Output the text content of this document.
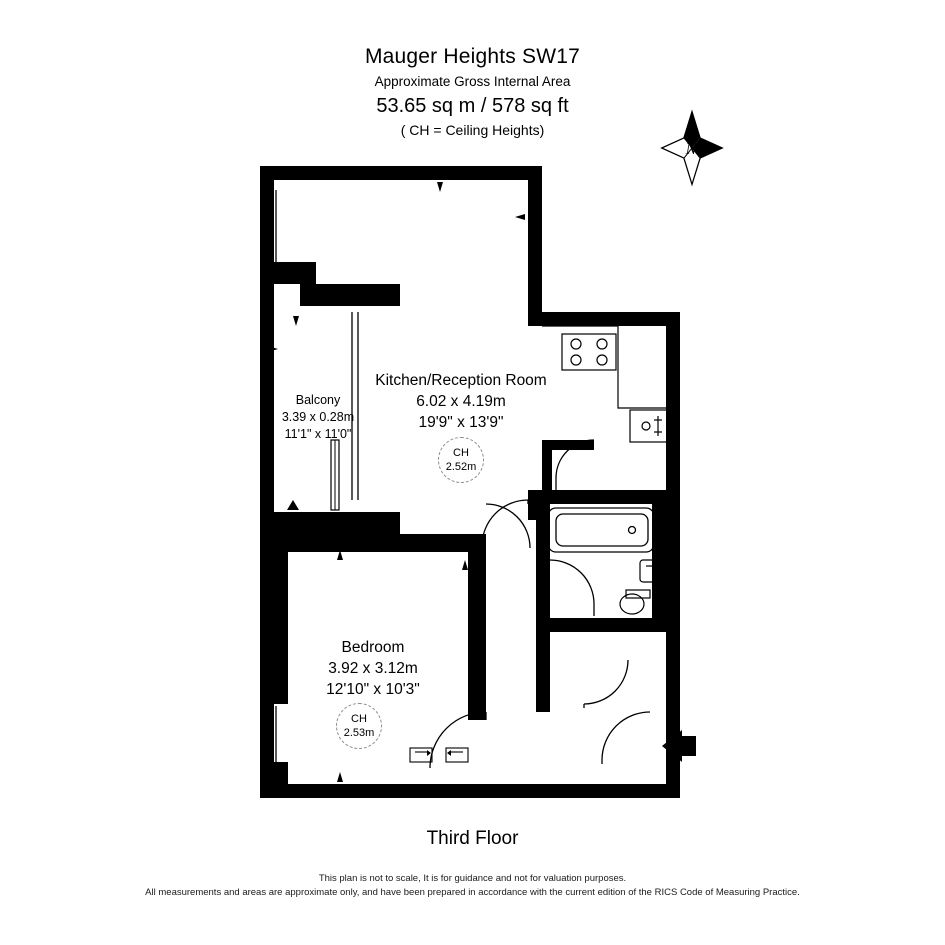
Mauger Heights SW17
Approximate Gross Internal Area
53.65 sq m / 578 sq ft
( CH = Ceiling Heights)
N
Kitchen/Reception Room
6.02 x 4.19m
19'9" x 13'9"
CH
2.52m
Bedroom
3.92 x 3.12m
12'10" x 10'3"
CH
2.53m
Balcony
3.39 x 0.28m
11'1" x 11'0"
Third Floor
This plan is not to scale, It is for guidance and not for valuation purposes.
All measurements and areas are approximate only, and have been prepared in accordance with the current edition of the RICS Code of Measuring Practice.
